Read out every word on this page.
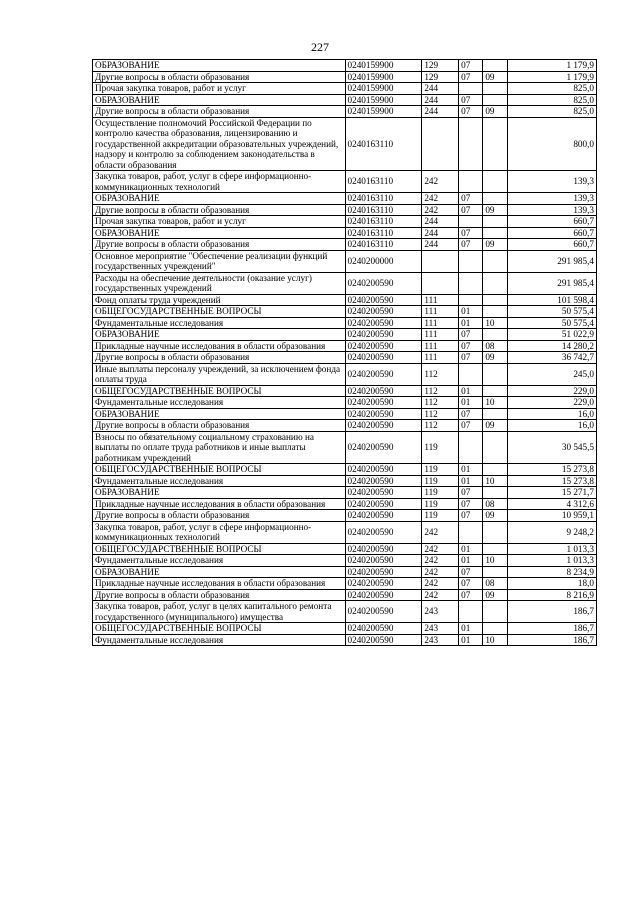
227
ОБРАЗОВАНИЕ	0240159900	129	07		1 179,9
Другие вопросы в области образования	0240159900	129	07	09	1 179,9
Прочая закупка товаров, работ и услуг	0240159900	244			825,0
ОБРАЗОВАНИЕ	0240159900	244	07		825,0
Другие вопросы в области образования	0240159900	244	07	09	825,0
Осуществление полномочий Российской Федерации по контролю качества образования, лицензированию и государственной аккредитации образовательных учреждений, надзору и контролю за соблюдением законодательства в области образования	0240163110				800,0
Закупка товаров, работ, услуг в сфере информационно-коммуникационных технологий	0240163110	242			139,3
ОБРАЗОВАНИЕ	0240163110	242	07		139,3
Другие вопросы в области образования	0240163110	242	07	09	139,3
Прочая закупка товаров, работ и услуг	0240163110	244			660,7
ОБРАЗОВАНИЕ	0240163110	244	07		660,7
Другие вопросы в области образования	0240163110	244	07	09	660,7
Основное мероприятие "Обеспечение реализации функций государственных учреждений"	0240200000				291 985,4
Расходы на обеспечение деятельности (оказание услуг) государственных учреждений	0240200590				291 985,4
Фонд оплаты труда учреждений	0240200590	111			101 598,4
ОБЩЕГОСУДАРСТВЕННЫЕ ВОПРОСЫ	0240200590	111	01		50 575,4
Фундаментальные исследования	0240200590	111	01	10	50 575,4
ОБРАЗОВАНИЕ	0240200590	111	07		51 022,9
Прикладные научные исследования в области образования	0240200590	111	07	08	14 280,2
Другие вопросы в области образования	0240200590	111	07	09	36 742,7
Иные выплаты персоналу учреждений, за исключением фонда оплаты труда	0240200590	112			245,0
ОБЩЕГОСУДАРСТВЕННЫЕ ВОПРОСЫ	0240200590	112	01		229,0
Фундаментальные исследования	0240200590	112	01	10	229,0
ОБРАЗОВАНИЕ	0240200590	112	07		16,0
Другие вопросы в области образования	0240200590	112	07	09	16,0
Взносы по обязательному социальному страхованию на выплаты по оплате труда работников и иные выплаты работникам учреждений	0240200590	119			30 545,5
ОБЩЕГОСУДАРСТВЕННЫЕ ВОПРОСЫ	0240200590	119	01		15 273,8
Фундаментальные исследования	0240200590	119	01	10	15 273,8
ОБРАЗОВАНИЕ	0240200590	119	07		15 271,7
Прикладные научные исследования в области образования	0240200590	119	07	08	4 312,6
Другие вопросы в области образования	0240200590	119	07	09	10 959,1
Закупка товаров, работ, услуг в сфере информационно-коммуникационных технологий	0240200590	242			9 248,2
ОБЩЕГОСУДАРСТВЕННЫЕ ВОПРОСЫ	0240200590	242	01		1 013,3
Фундаментальные исследования	0240200590	242	01	10	1 013,3
ОБРАЗОВАНИЕ	0240200590	242	07		8 234,9
Прикладные научные исследования в области образования	0240200590	242	07	08	18,0
Другие вопросы в области образования	0240200590	242	07	09	8 216,9
Закупка товаров, работ, услуг в целях капитального ремонта государственного (муниципального) имущества	0240200590	243			186,7
ОБЩЕГОСУДАРСТВЕННЫЕ ВОПРОСЫ	0240200590	243	01		186,7
Фундаментальные исследования	0240200590	243	01	10	186,7
